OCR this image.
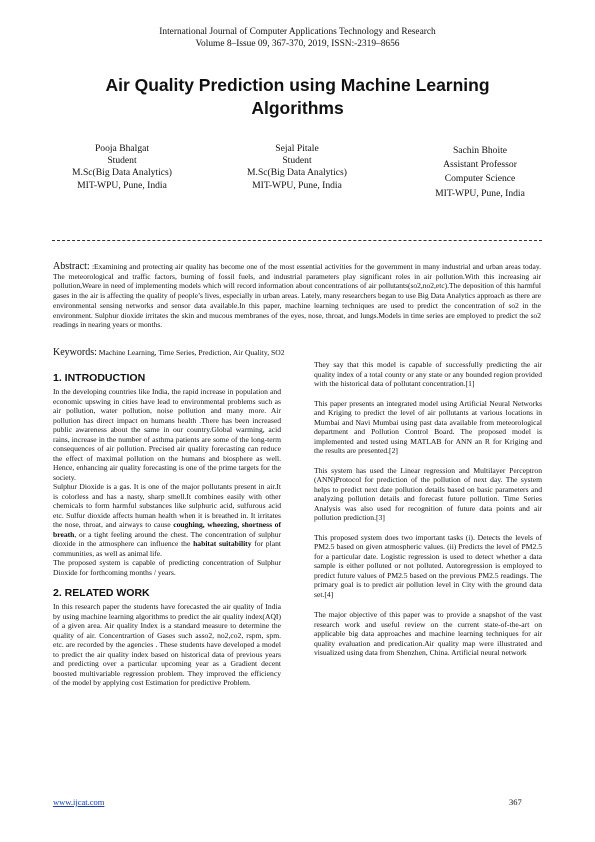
International Journal of Computer Applications Technology and Research
Volume 8–Issue 09, 367-370, 2019, ISSN:-2319–8656
Air Quality Prediction using Machine Learning Algorithms
Pooja Bhalgat
Student
M.Sc(Big Data Analytics)
MIT-WPU, Pune, India
Sejal Pitale
Student
M.Sc(Big Data Analytics)
MIT-WPU, Pune, India
Sachin Bhoite
Assistant Professor
Computer Science
MIT-WPU, Pune, India
Abstract: :Examining and protecting air quality has become one of the most essential activities for the government in many industrial and urban areas today. The meteorological and traffic factors, burning of fossil fuels, and industrial parameters play significant roles in air pollution.With this increasing air pollution,Weare in need of implementing models which will record information about concentrations of air pollutants(so2,no2,etc).The deposition of this harmful gases in the air is affecting the quality of people’s lives, especially in urban areas. Lately, many researchers began to use Big Data Analytics approach as there are environmental sensing networks and sensor data available.In this paper, machine learning techniques are used to predict the concentration of so2 in the environment. Sulphur dioxide irritates the skin and mucous membranes of the eyes, nose, throat, and lungs.Models in time series are employed to predict the so2 readings in nearing years or months.
Keywords: Machine Learning, Time Series, Prediction, Air Quality, SO2
1. INTRODUCTION

In the developing countries like India, the rapid increase in population and economic upswing in cities have lead to environmental problems such as air pollution, water pollution, noise pollution and many more. Air pollution has direct impact on humans health .There has been increased public awareness about the same in our country.Global warming, acid rains, increase in the number of asthma patients are some of the long-term consequences of air pollution. Precised air quality forecasting can reduce the effect of maximal pollution on the humans and biosphere as well. Hence, enhancing air quality forecasting is one of the prime targets for the society.

Sulphur Dioxide is a gas. It is one of the major pollutants present in air.It is colorless and has a nasty, sharp smell.It combines easily with other chemicals to form harmful substances like sulphuric acid, sulfurous acid etc. Sulfur dioxide affects human health when it is breathed in. It irritates the nose, throat, and airways to cause coughing, wheezing, shortness of breath, or a tight feeling around the chest. The concentration of sulphur dioxide in the atmosphere can influence the habitat suitability for plant communities, as well as animal life.

The proposed system is capable of predicting concentration of Sulphur Dioxide for forthcoming months / years.

2. RELATED WORK

In this research paper the students have forecasted the air quality of India by using machine learning algorithms to predict the air quality index(AQI) of a given area. Air quality Index is a standard measure to determine the quality of air. Concentrartion of Gases such asso2, no2,co2, rspm, spm. etc. are recorded by the agencies . These students have developed a model to predict the air quality index based on historical data of previous years and predicting over a particular upcoming year as a Gradient decent boosted multivariable regression problem. They improved the efficiency of the model by applying cost Estimation for predictive Problem.

They say that this model is capable of successfully predicting the air quality index of a total county or any state or any bounded region provided with the historical data of pollutant concentration.[1]

This paper presents an integrated model using Artificial Neural Networks and Kriging to predict the level of air pollutants at various locations in Mumbai and Navi Mumbai using past data available from meteorological department and Pollution Control Board. The proposed model is implemented and tested using MATLAB for ANN an R for Kriging and the results are presented.[2]

This system has used the Linear regression and Multilayer Perceptron (ANN)Protocol for prediction of the pollution of next day. The system helps to predict next date pollution details based on basic parameters and analyzing pollution details and forecast future pollution. Time Series Analysis was also used for recognition of future data points and air pollution prediction.[3]

This proposed system does two important tasks (i). Detects the levels of PM2.5 based on given atmospheric values. (ii) Predicts the level of PM2.5 for a particular date. Logistic regression is used to detect whether a data sample is either polluted or not polluted. Autoregression is employed to predict future values of PM2.5 based on the previous PM2.5 readings. The primary goal is to predict air pollution level in City with the ground data set.[4]

The major objective of this paper was to provide a snapshot of the vast research work and useful review on the current state-of-the-art on applicable big data approaches and machine learning techniques for air quality evaluation and predication.Air quality map were illustrated and visualized using data from Shenzhen, China. Artificial neural network

www.ijcat.com	367
